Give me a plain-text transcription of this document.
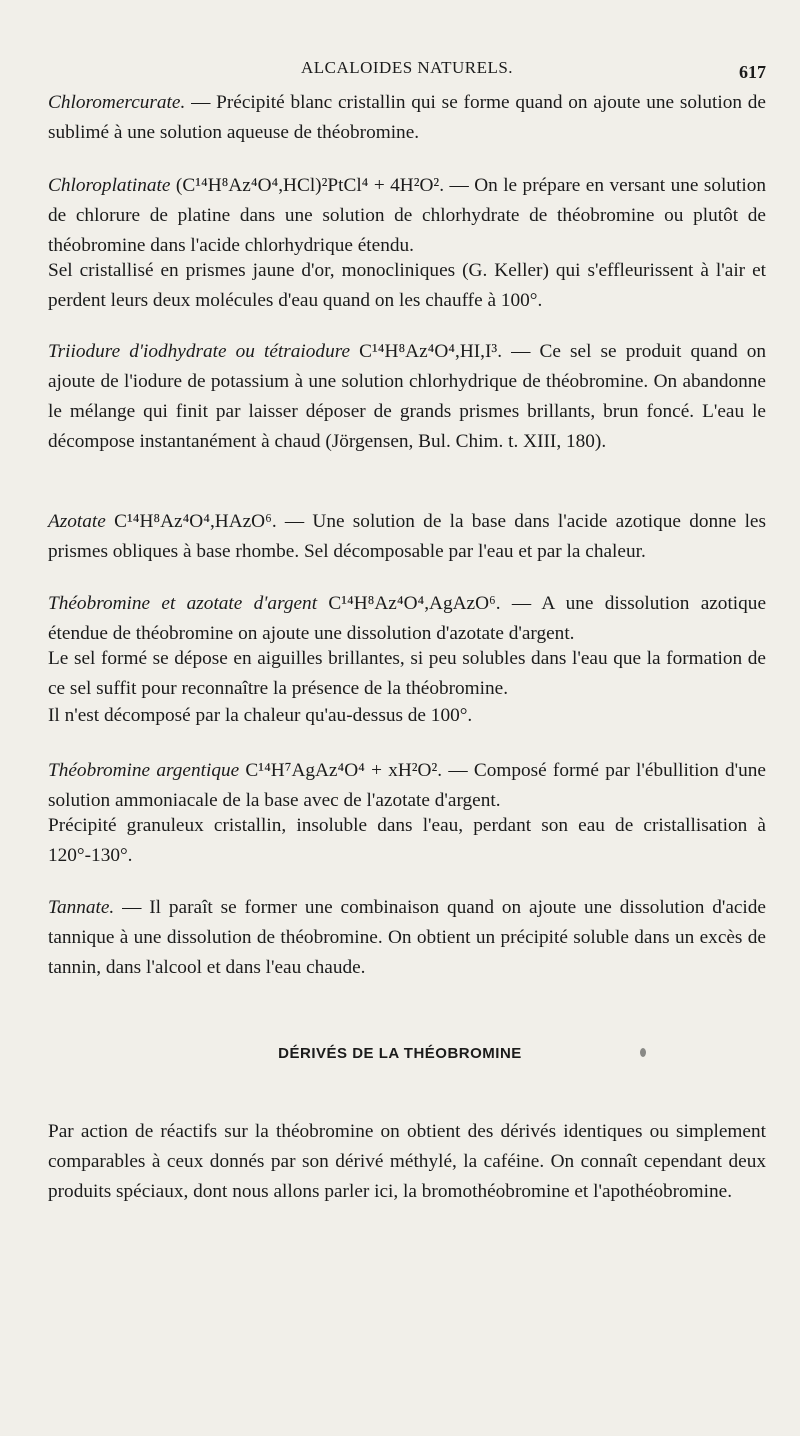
ALCALOIDES NATURELS.	617

Chloromercurate. — Précipité blanc cristallin qui se forme quand on ajoute une solution de sublimé à une solution aqueuse de théobromine.

Chloroplatinate (C¹⁴H⁸Az⁴O⁴,HCl)²PtCl⁴ + 4H²O². — On le prépare en versant une solution de chlorure de platine dans une solution de chlorhydrate de théobromine ou plutôt de théobromine dans l'acide chlorhydrique étendu.

Sel cristallisé en prismes jaune d'or, monocliniques (G. Keller) qui s'effleurissent à l'air et perdent leurs deux molécules d'eau quand on les chauffe à 100°.

Triiodure d'iodhydrate ou tétraiodure C¹⁴H⁸Az⁴O⁴,HI,I³. — Ce sel se produit quand on ajoute de l'iodure de potassium à une solution chlorhydrique de théobromine. On abandonne le mélange qui finit par laisser déposer de grands prismes brillants, brun foncé. L'eau le décompose instantanément à chaud (Jörgensen, Bul. Chim. t. XIII, 180).

Azotate C¹⁴H⁸Az⁴O⁴,HAzO⁶. — Une solution de la base dans l'acide azotique donne les prismes obliques à base rhombe. Sel décomposable par l'eau et par la chaleur.

Théobromine et azotate d'argent C¹⁴H⁸Az⁴O⁴,AgAzO⁶. — A une dissolution azotique étendue de théobromine on ajoute une dissolution d'azotate d'argent.

Le sel formé se dépose en aiguilles brillantes, si peu solubles dans l'eau que la formation de ce sel suffit pour reconnaître la présence de la théobromine.

Il n'est décomposé par la chaleur qu'au-dessus de 100°.

Théobromine argentique C¹⁴H⁷AgAz⁴O⁴ + xH²O². — Composé formé par l'ébullition d'une solution ammoniacale de la base avec de l'azotate d'argent.

Précipité granuleux cristallin, insoluble dans l'eau, perdant son eau de cristallisation à 120°-130°.

Tannate. — Il paraît se former une combinaison quand on ajoute une dissolution d'acide tannique à une dissolution de théobromine. On obtient un précipité soluble dans un excès de tannin, dans l'alcool et dans l'eau chaude.

DÉRIVÉS DE LA THÉOBROMINE

Par action de réactifs sur la théobromine on obtient des dérivés identiques ou simplement comparables à ceux donnés par son dérivé méthylé, la caféine. On connaît cependant deux produits spéciaux, dont nous allons parler ici, la bromothéobromine et l'apothéobromine.
